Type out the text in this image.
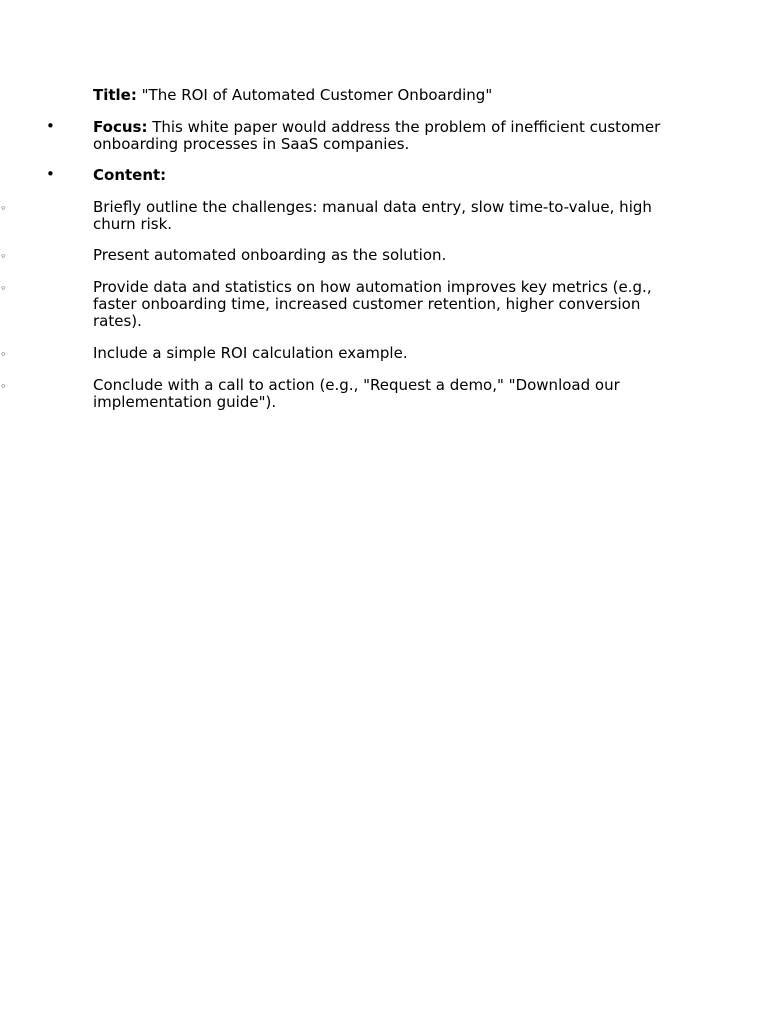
Title: "The ROI of Automated Customer Onboarding"
•	Focus: This white paper would address the problem of inefficient customer onboarding processes in SaaS companies.
•	Content:
◦	Briefly outline the challenges: manual data entry, slow time-to-value, high churn risk.
◦	Present automated onboarding as the solution.
◦	Provide data and statistics on how automation improves key metrics (e.g., faster onboarding time, increased customer retention, higher conversion rates).
◦	Include a simple ROI calculation example.
◦	Conclude with a call to action (e.g., "Request a demo," "Download our implementation guide").
